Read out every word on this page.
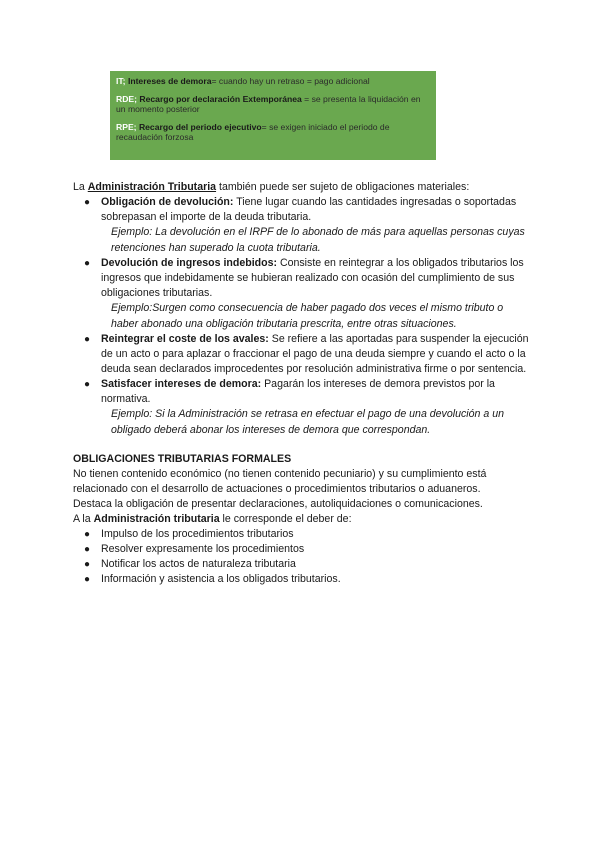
IT; Intereses de demora= cuando hay un retraso = pago adicional

RDE; Recargo por declaración Extemporánea = se presenta la liquidación en un momento posterior

RPE; Recargo del periodo ejecutivo= se exigen iniciado el periodo de recaudación forzosa

La Administración Tributaria también puede ser sujeto de obligaciones materiales:

● Obligación de devolución: Tiene lugar cuando las cantidades ingresadas o soportadas sobrepasan el importe de la deuda tributaria.
Ejemplo: La devolución en el IRPF de lo abonado de más para aquellas personas cuyas retenciones han superado la cuota tributaria.
● Devolución de ingresos indebidos: Consiste en reintegrar a los obligados tributarios los ingresos que indebidamente se hubieran realizado con ocasión del cumplimiento de sus obligaciones tributarias.
Ejemplo:Surgen como consecuencia de haber pagado dos veces el mismo tributo o haber abonado una obligación tributaria prescrita, entre otras situaciones.
● Reintegrar el coste de los avales: Se refiere a las aportadas para suspender la ejecución de un acto o para aplazar o fraccionar el pago de una deuda siempre y cuando el acto o la deuda sean declarados improcedentes por resolución administrativa firme o por sentencia.
● Satisfacer intereses de demora: Pagarán los intereses de demora previstos por la normativa.
Ejemplo: Si la Administración se retrasa en efectuar el pago de una devolución a un obligado deberá abonar los intereses de demora que correspondan.

OBLIGACIONES TRIBUTARIAS FORMALES

No tienen contenido económico (no tienen contenido pecuniario) y su cumplimiento está relacionado con el desarrollo de actuaciones o procedimientos tributarios o aduaneros.

Destaca la obligación de presentar declaraciones, autoliquidaciones o comunicaciones.

A la Administración tributaria le corresponde el deber de:

● Impulso de los procedimientos tributarios
● Resolver expresamente los procedimientos
● Notificar los actos de naturaleza tributaria
● Información y asistencia a los obligados tributarios.
